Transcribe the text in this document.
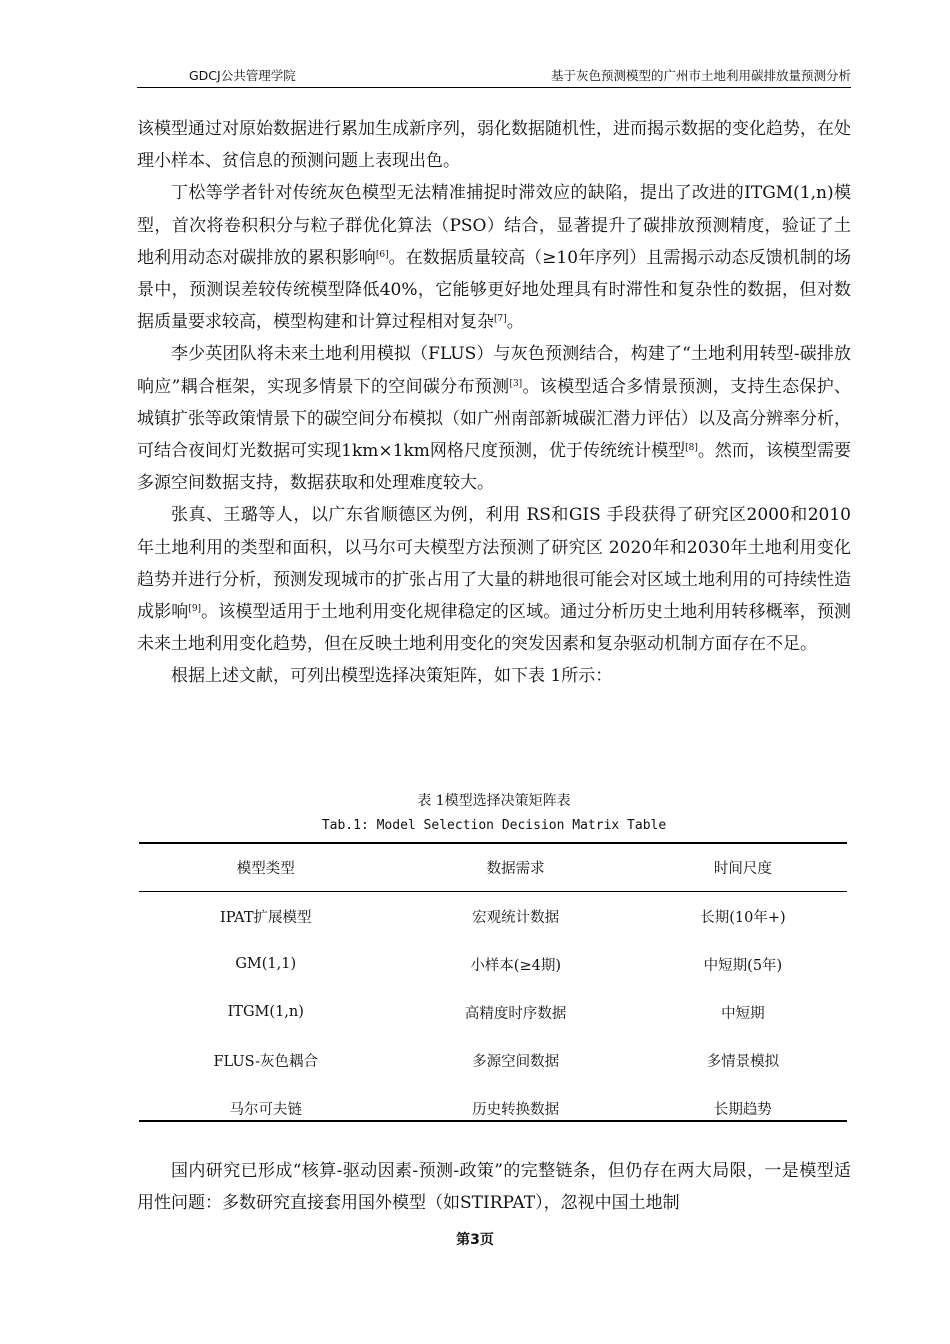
GDCJ公共管理学院	基于灰色预测模型的广州市土地利用碳排放量预测分析

该模型通过对原始数据进行累加生成新序列，弱化数据随机性，进而揭示数据的变化趋势，在处理小样本、贫信息的预测问题上表现出色。

丁松等学者针对传统灰色模型无法精准捕捉时滞效应的缺陷，提出了改进的ITGM(1,n)模型，首次将卷积积分与粒子群优化算法（PSO）结合，显著提升了碳排放预测精度，验证了土地利用动态对碳排放的累积影响[6]。在数据质量较高（≥10年序列）且需揭示动态反馈机制的场景中，预测误差较传统模型降低40%，它能够更好地处理具有时滞性和复杂性的数据，但对数据质量要求较高，模型构建和计算过程相对复杂[7]。

李少英团队将未来土地利用模拟（FLUS）与灰色预测结合，构建了“土地利用转型-碳排放响应”耦合框架，实现多情景下的空间碳分布预测[3]。该模型适合多情景预测，支持生态保护、城镇扩张等政策情景下的碳空间分布模拟（如广州南部新城碳汇潜力评估）以及高分辨率分析，可结合夜间灯光数据可实现1km×1km网格尺度预测，优于传统统计模型[8]。然而，该模型需要多源空间数据支持，数据获取和处理难度较大。

张真、王璐等人，以广东省顺德区为例，利用 RS和GIS 手段获得了研究区2000和2010年土地利用的类型和面积，以马尔可夫模型方法预测了研究区 2020年和2030年土地利用变化趋势并进行分析，预测发现城市的扩张占用了大量的耕地很可能会对区域土地利用的可持续性造成影响[9]。该模型适用于土地利用变化规律稳定的区域。通过分析历史土地利用转移概率，预测未来土地利用变化趋势，但在反映土地利用变化的突发因素和复杂驱动机制方面存在不足。

根据上述文献，可列出模型选择决策矩阵，如下表 1所示：

表 1模型选择决策矩阵表
Tab.1: Model Selection Decision Matrix Table
模型类型	数据需求	时间尺度
IPAT扩展模型	宏观统计数据	长期(10年+)
GM(1,1)	小样本(≥4期)	中短期(5年)
ITGM(1,n)	高精度时序数据	中短期
FLUS-灰色耦合	多源空间数据	多情景模拟
马尔可夫链	历史转换数据	长期趋势

国内研究已形成“核算-驱动因素-预测-政策”的完整链条，但仍存在两大局限，一是模型适用性问题：多数研究直接套用国外模型（如STIRPAT），忽视中国土地制

第3页
